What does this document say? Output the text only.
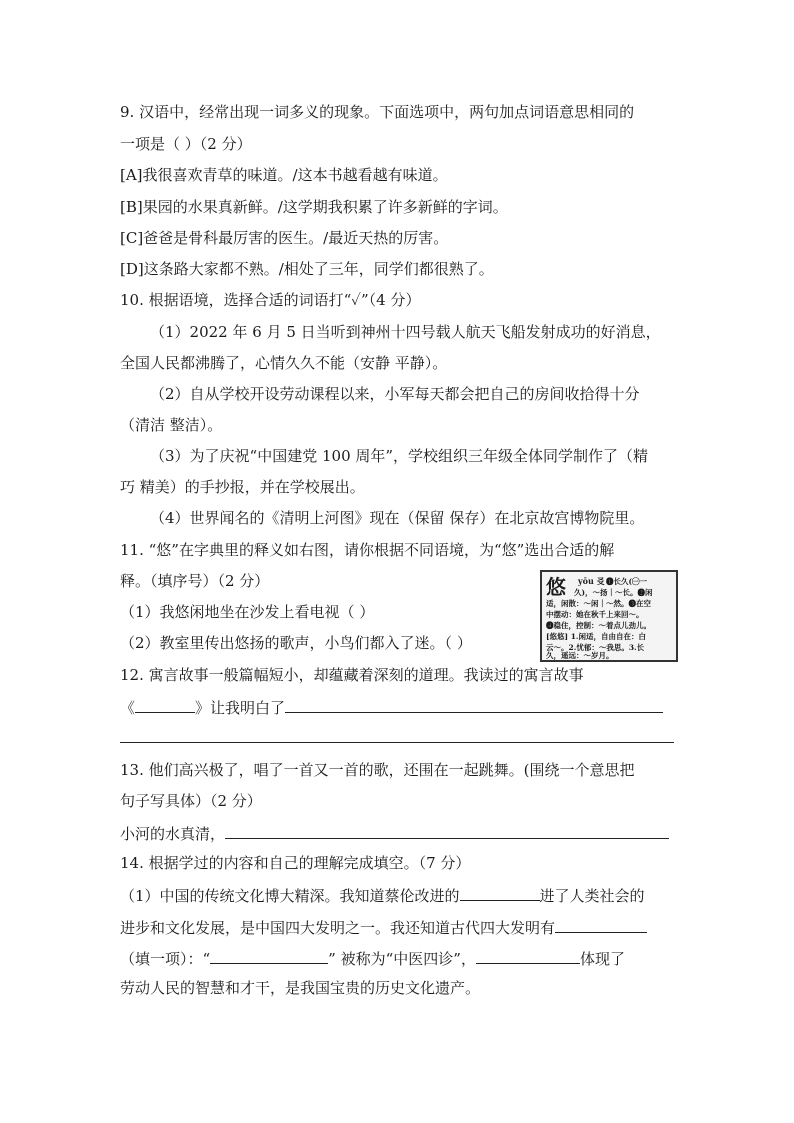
9. 汉语中，经常出现一词多义的现象。下面选项中，两句加点词语意思相同的
一项是（ ）（2 分）
[A]我很喜欢青草的味道。/这本书越看越有味道。
[B]果园的水果真新鲜。/这学期我积累了许多新鲜的字词。
[C]爸爸是骨科最厉害的医生。/最近天热的厉害。
[D]这条路大家都不熟。/相处了三年，同学们都很熟了。
10. 根据语境，选择合适的词语打“✓”（4 分）
（1）2022 年 6 月 5 日当听到神州十四号载人航天飞船发射成功的好消息，
全国人民都沸腾了，心情久久不能（安静 平静）。
（2）自从学校开设劳动课程以来，小军每天都会把自己的房间收拾得十分
（清洁 整洁）。
（3）为了庆祝“中国建党 100 周年”，学校组织三年级全体同学制作了（精
巧 精美）的手抄报，并在学校展出。
（4）世界闻名的《清明上河图》现在（保留 保存）在北京故宫博物院里。
11. “悠”在字典里的释义如右图，请你根据不同语境，为“悠”选出合适的解
释。（填序号）（2 分）
（1）我悠闲地坐在沙发上看电视（ ）
（2）教室里传出悠扬的歌声，小鸟们都入了迷。（ ）
悠 yōu 㕛 ❶长久(㊀一
久)，～扬｜～长。❷闲
适，闲散：～闲｜～然。❸在空
中摆动：她在秋千上来回～。
❹稳住，控制：～着点儿劲儿。
[悠悠] 1.闲适，自由自在：白
云～。2.忧郁：～我思。3.长
久，遥远：～岁月。
12. 寓言故事一般篇幅短小，却蕴藏着深刻的道理。我读过的寓言故事
《	》让我明白了
13. 他们高兴极了，唱了一首又一首的歌，还围在一起跳舞。(围绕一个意思把
句子写具体）（2 分）
小河的水真清，
14. 根据学过的内容和自己的理解完成填空。（7 分）
（1）中国的传统文化博大精深。我知道蔡伦改进的	进了人类社会的
进步和文化发展，是中国四大发明之一。我还知道古代四大发明有
（填一项）：“	” 被称为“中医四诊”，	体现了
劳动人民的智慧和才干，是我国宝贵的历史文化遗产。
